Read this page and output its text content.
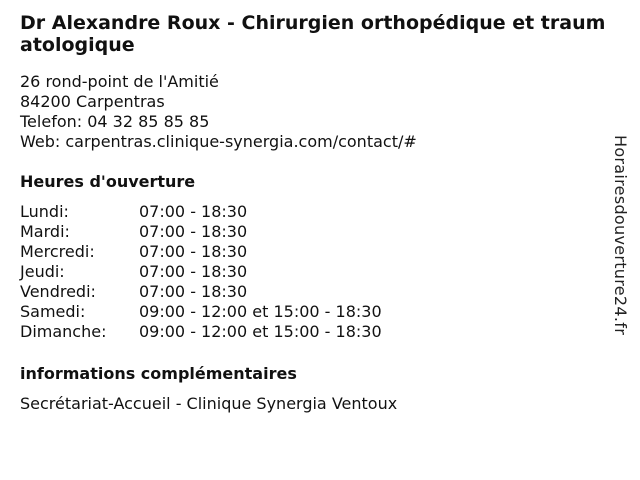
Dr Alexandre Roux - Chirurgien orthopédique et traumatologique
26 rond-point de l'Amitié
84200 Carpentras
Telefon: 04 32 85 85 85
Web: carpentras.clinique-synergia.com/contact/#
Heures d'ouverture
Lundi:	07:00 - 18:30
Mardi:	07:00 - 18:30
Mercredi:	07:00 - 18:30
Jeudi:	07:00 - 18:30
Vendredi:	07:00 - 18:30
Samedi:	09:00 - 12:00 et 15:00 - 18:30
Dimanche:	09:00 - 12:00 et 15:00 - 18:30
informations complémentaires
Secrétariat-Accueil - Clinique Synergia Ventoux
Horairesdouverture24.fr
